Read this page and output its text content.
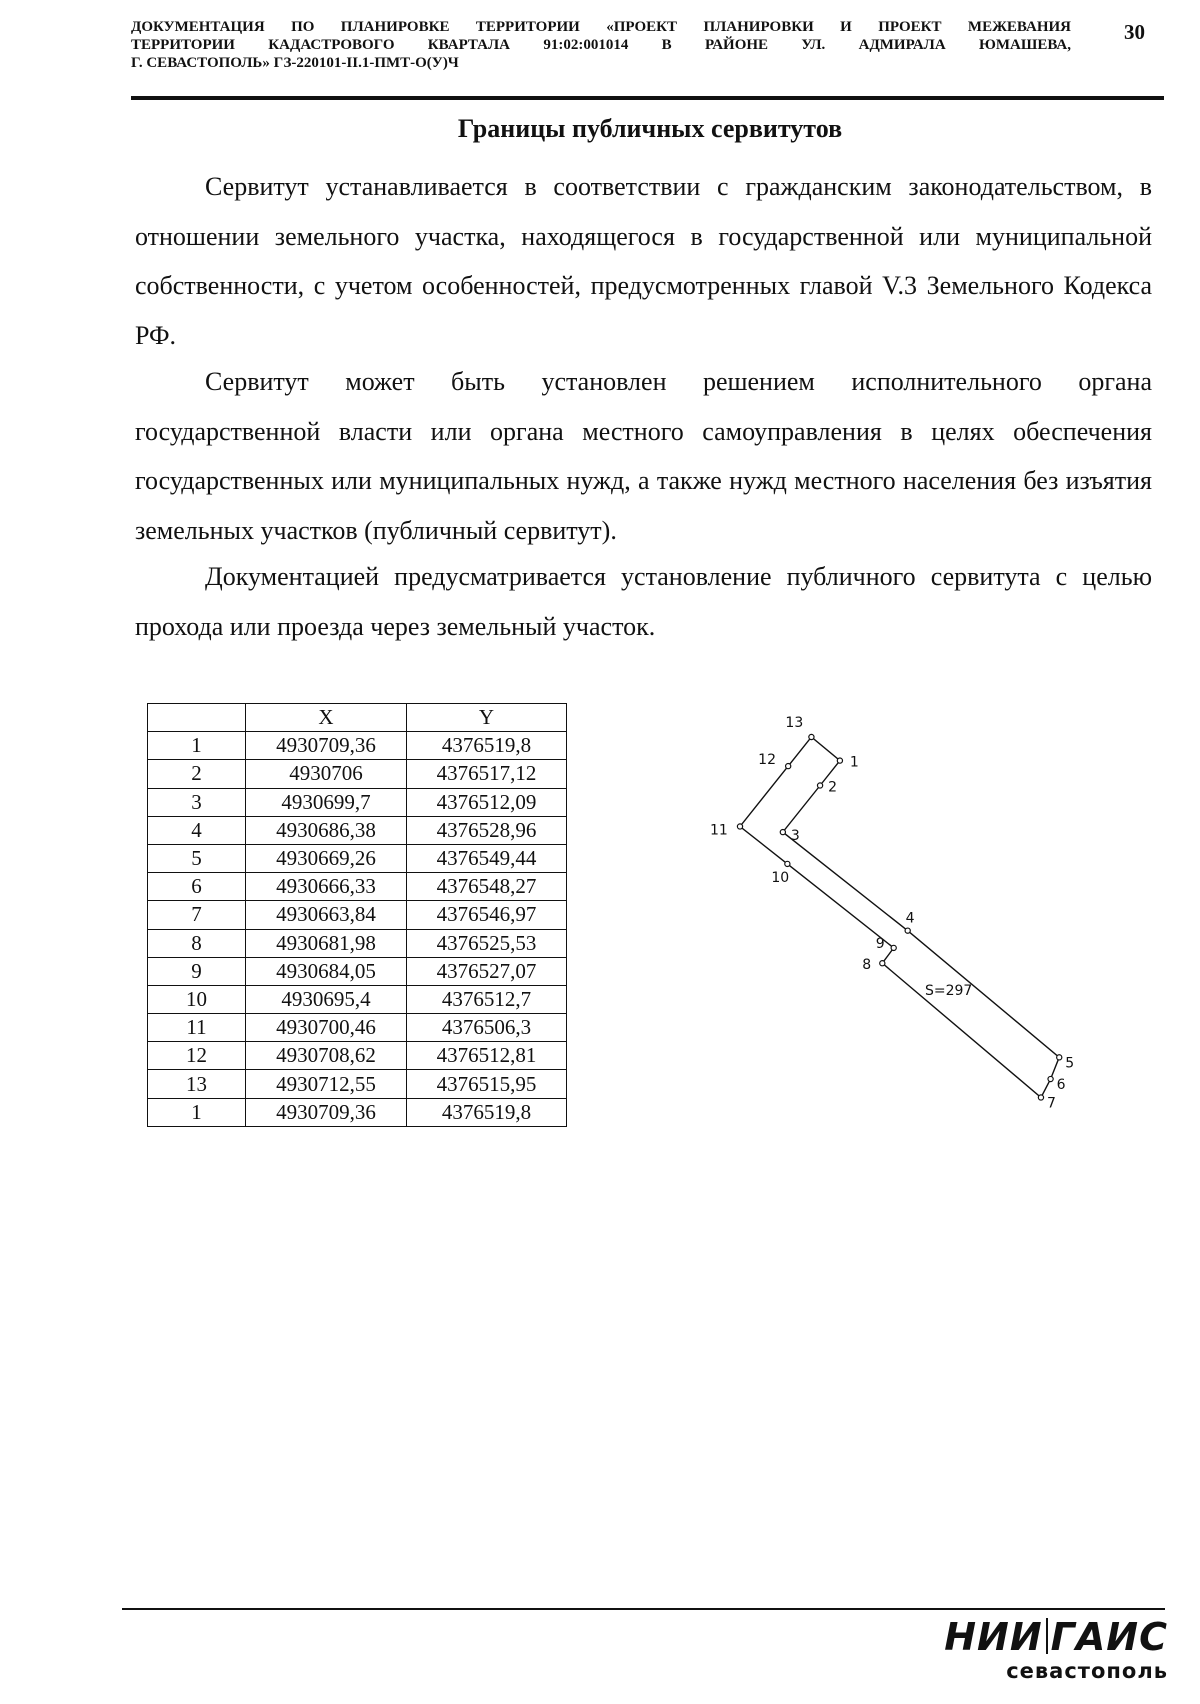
ДОКУМЕНТАЦИЯ ПО ПЛАНИРОВКЕ ТЕРРИТОРИИ «ПРОЕКТ ПЛАНИРОВКИ И ПРОЕКТ МЕЖЕВАНИЯ
ТЕРРИТОРИИ КАДАСТРОВОГО КВАРТАЛА 91:02:001014 В РАЙОНЕ УЛ. АДМИРАЛА ЮМАШЕВА,
Г. СЕВАСТОПОЛЬ» ГЗ-220101-II.1-ПМТ-О(У)Ч
30
Границы публичных сервитутов

Сервитут устанавливается в соответствии с гражданским законодательством, в отношении земельного участка, находящегося в государственной или муниципальной собственности, с учетом особенностей, предусмотренных главой V.3 Земельного Кодекса РФ.

Сервитут может быть установлен решением исполнительного органа государственной власти или органа местного самоуправления в целях обеспечения государственных или муниципальных нужд, а также нужд местного населения без изъятия земельных участков (публичный сервитут).

Документацией предусматривается установление публичного сервитута с целью прохода или проезда через земельный участок.

	X	Y
1	4930709,36	4376519,8
2	4930706	4376517,12
3	4930699,7	4376512,09
4	4930686,38	4376528,96
5	4930669,26	4376549,44
6	4930666,33	4376548,27
7	4930663,84	4376546,97
8	4930681,98	4376525,53
9	4930684,05	4376527,07
10	4930695,4	4376512,7
11	4930700,46	4376506,3
12	4930708,62	4376512,81
13	4930712,55	4376515,95
1	4930709,36	4376519,8
1
2
3
4
5
6
7
8
9
10
11
12
13
S=297
НИИ ГАИС
севастополь
